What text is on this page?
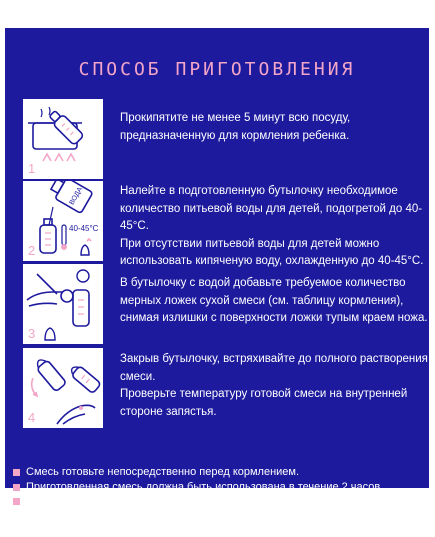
СПОСОБ ПРИГОТОВЛЕНИЯ
1

Прокипятите не менее 5 минут всю посуду, предназначенную для кормления ребенка.

ВОДА
40-45°C
2

Налейте в подготовленную бутылочку необходимое количество питьевой воды для детей, подогретой до 40-45°С.

При отсутствии питьевой воды для детей можно использовать кипяченую воду, охлажденную до 40-45°С.

3

В бутылочку с водой добавьте требуемое количество мерных ложек сухой смеси (см. таблицу кормления), снимая излишки с поверхности ложки тупым краем ножа.

4

Закрыв бутылочку, встряхивайте до полного растворения смеси.

Проверьте температуру готовой смеси на внутренней стороне запястья.

Смесь готовьте непосредственно перед кормлением.
Приготовленная смесь должна быть использована в течение 2 часов.
Не используйте остатки смеси в бутылочке для последующего кормления.
